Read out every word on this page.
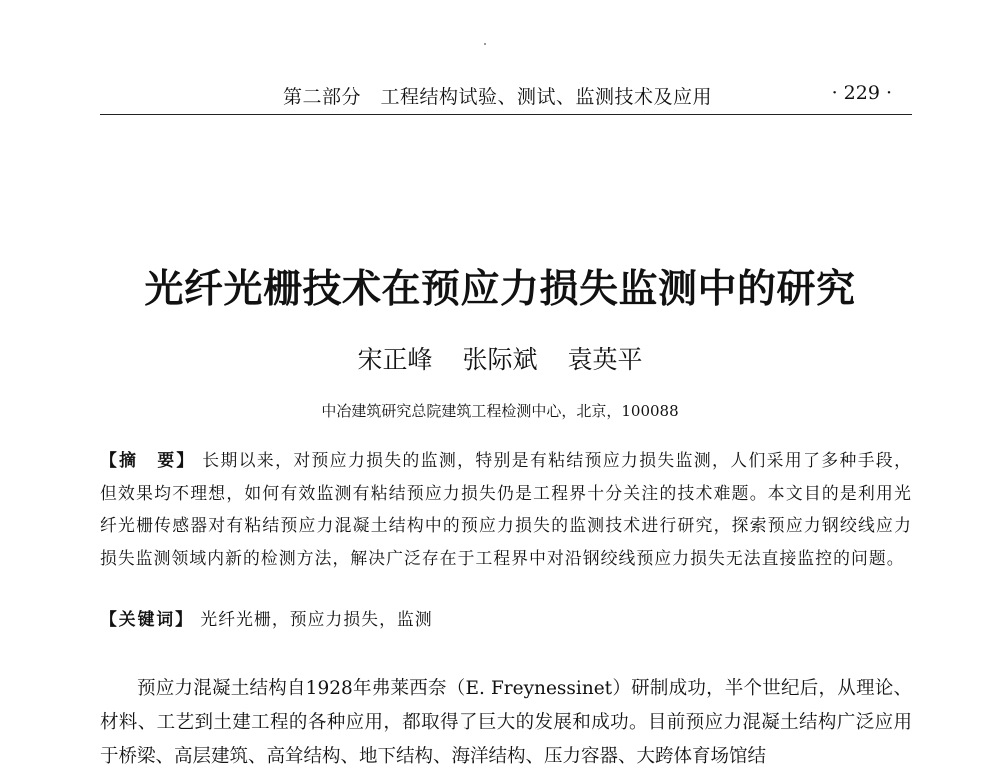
第二部分　工程结构试验、测试、监测技术及应用	· 229 ·
光纤光栅技术在预应力损失监测中的研究
宋正峰 张际斌 袁英平
中冶建筑研究总院建筑工程检测中心，北京，100088
【摘　要】 长期以来，对预应力损失的监测，特别是有粘结预应力损失监测，人们采用了多种手段，但效果均不理想，如何有效监测有粘结预应力损失仍是工程界十分关注的技术难题。本文目的是利用光纤光栅传感器对有粘结预应力混凝土结构中的预应力损失的监测技术进行研究，探索预应力钢绞线应力损失监测领域内新的检测方法，解决广泛存在于工程界中对沿钢绞线预应力损失无法直接监控的问题。
【关键词】 光纤光栅，预应力损失，监测
预应力混凝土结构自1928年弗莱西奈（E. Freynessinet）研制成功，半个世纪后，从理论、材料、工艺到土建工程的各种应用，都取得了巨大的发展和成功。目前预应力混凝土结构广泛应用于桥梁、高层建筑、高耸结构、地下结构、海洋结构、压力容器、大跨体育场馆结
